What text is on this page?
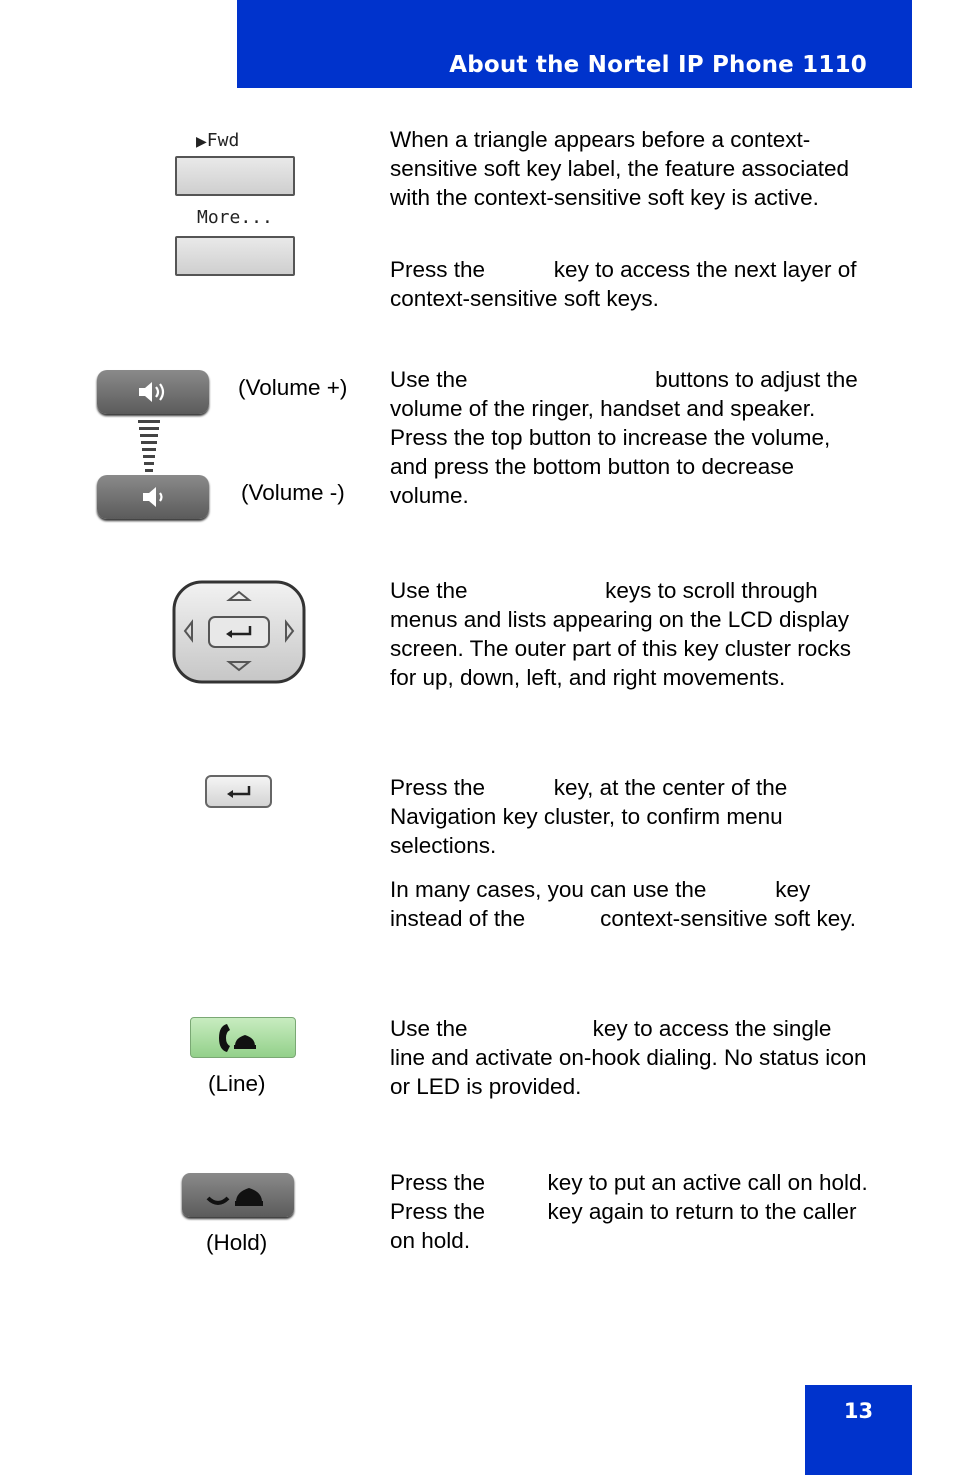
About the Nortel IP Phone 1110
▶Fwd
More...

When a triangle appears before a context-sensitive soft key label, the feature associated with the context-sensitive soft key is active.

Press the           key to access the next layer of context-sensitive soft keys.

(Volume +)
(Volume -)

Use the                              buttons to adjust the volume of the ringer, handset and speaker. Press the top button to increase the volume, and press the bottom button to decrease volume.

Use the                      keys to scroll through menus and lists appearing on the LCD display screen. The outer part of this key cluster rocks for up, down, left, and right movements.

Press the           key, at the center of the Navigation key cluster, to confirm menu selections.

In many cases, you can use the           key instead of the            context-sensitive soft key.

(Line)

Use the                    key to access the single line and activate on-hook dialing. No status icon or LED is provided.

(Hold)

Press the          key to put an active call on hold. Press the          key again to return to the caller on hold.

13
